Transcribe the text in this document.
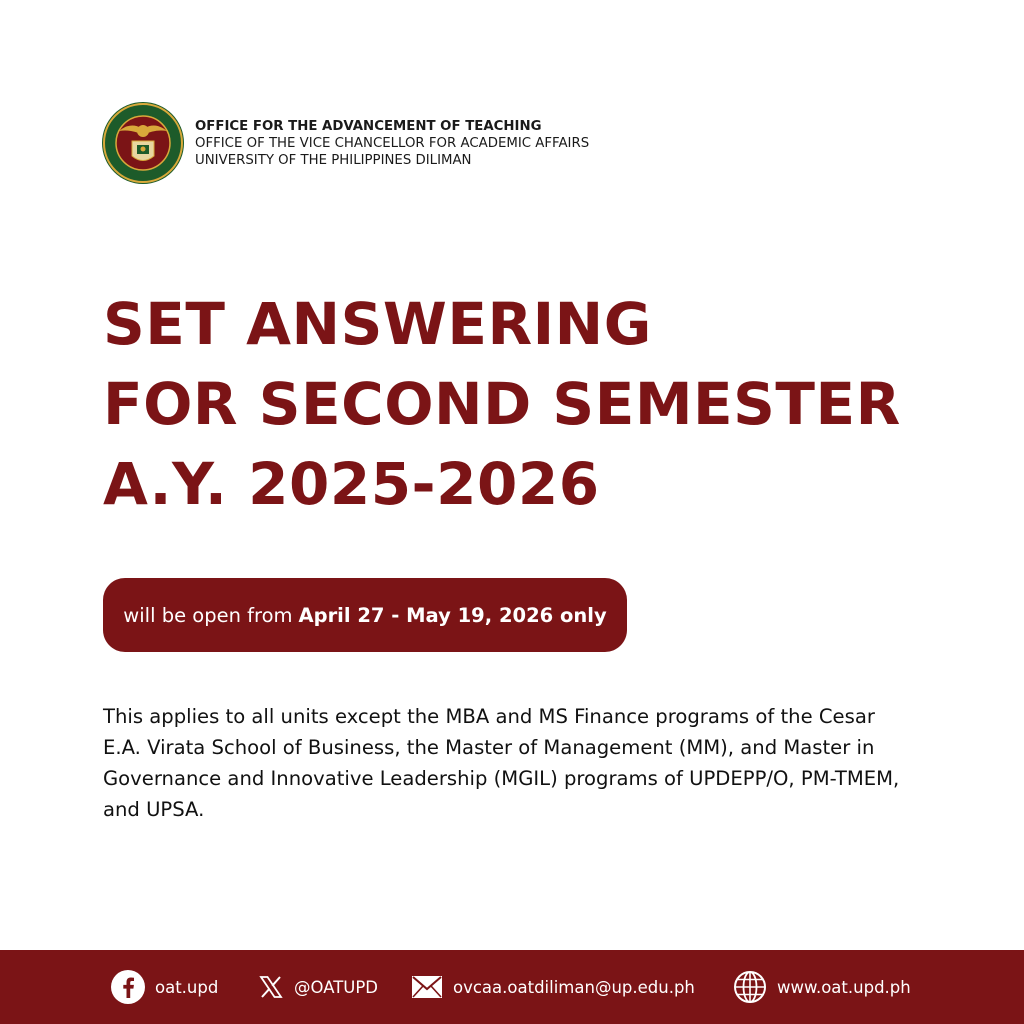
OFFICE FOR THE ADVANCEMENT OF TEACHING
OFFICE OF THE VICE CHANCELLOR FOR ACADEMIC AFFAIRS
UNIVERSITY OF THE PHILIPPINES DILIMAN
SET ANSWERING
FOR SECOND SEMESTER
A.Y. 2025-2026
will be open from April 27 - May 19, 2026 only
This applies to all units except the MBA and MS Finance programs of the Cesar E.A. Virata School of Business, the Master of Management (MM), and Master in Governance and Innovative Leadership (MGIL) programs of UPDEPP/O, PM-TMEM, and UPSA.
oat.upd	@OATUPD	ovcaa.oatdiliman@up.edu.ph	www.oat.upd.ph
